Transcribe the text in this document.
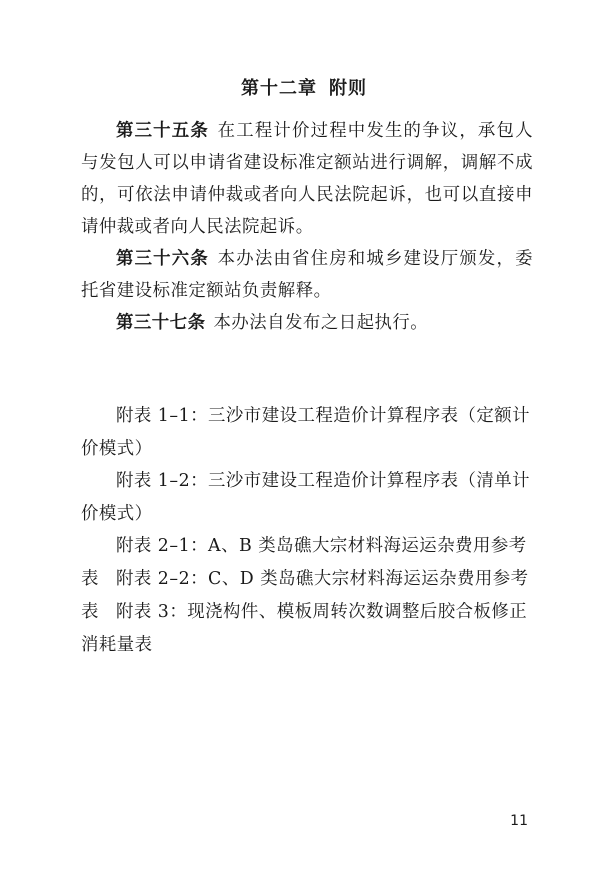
第十二章 附则

第三十五条 在工程计价过程中发生的争议，承包人与发包人可以申请省建设标准定额站进行调解，调解不成的，可依法申请仲裁或者向人民法院起诉，也可以直接申请仲裁或者向人民法院起诉。

第三十六条 本办法由省住房和城乡建设厅颁发，委托省建设标准定额站负责解释。

第三十七条 本办法自发布之日起执行。

附表 1–1：三沙市建设工程造价计算程序表（定额计价模式）

附表 1–2：三沙市建设工程造价计算程序表（清单计价模式）

附表 2–1：A、B 类岛礁大宗材料海运运杂费用参考表 附表 2–2：C、D 类岛礁大宗材料海运运杂费用参考表 附表 3：现浇构件、模板周转次数调整后胶合板修正消耗量表

11
